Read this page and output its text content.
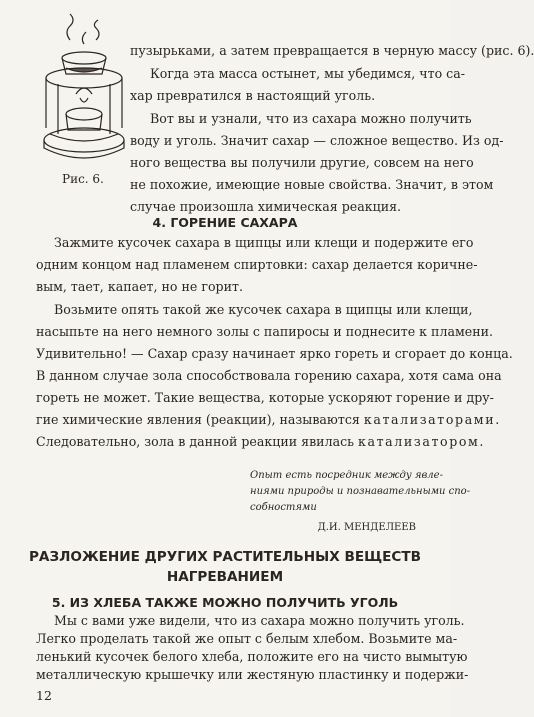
Рис. 6.
пузырьками, а затем превращается в черную массу (рис. 6).
Когда эта масса остынет, мы убедимся, что са-
хар превратился в настоящий уголь.
Вот вы и узнали, что из сахара можно получить
воду и уголь. Значит сахар — сложное вещество. Из од-
ного вещества вы получили другие, совсем на него
не похожие, имеющие новые свойства. Значит, в этом
случае произошла химическая реакция.
4. ГОРЕНИЕ САХАРА
Зажмите кусочек сахара в щипцы или клещи и подержите его
одним концом над пламенем спиртовки: сахар делается коричне-
вым, тает, капает, но не горит.
Возьмите опять такой же кусочек сахара в щипцы или клещи,
насыпьте на него немного золы с папиросы и поднесите к пламени.
Удивительно! — Сахар сразу начинает ярко гореть и сгорает до конца.
В данном случае зола способствовала горению сахара, хотя сама она
гореть не может. Такие вещества, которые ускоряют горение и дру-
гие химические явления (реакции), называются катализаторами.
Следовательно, зола в данной реакции явилась катализатором.
Опыт есть посредник между явле-
ниями природы и познавательными спо-
собностями
Д.И. МЕНДЕЛЕЕВ
РАЗЛОЖЕНИЕ ДРУГИХ РАСТИТЕЛЬНЫХ ВЕЩЕСТВ
НАГРЕВАНИЕМ
5. ИЗ ХЛЕБА ТАКЖЕ МОЖНО ПОЛУЧИТЬ УГОЛЬ
Мы с вами уже видели, что из сахара можно получить уголь.
Легко проделать такой же опыт с белым хлебом. Возьмите ма-
ленький кусочек белого хлеба, положите его на чисто вымытую
металлическую крышечку или жестяную пластинку и подержи-
12
